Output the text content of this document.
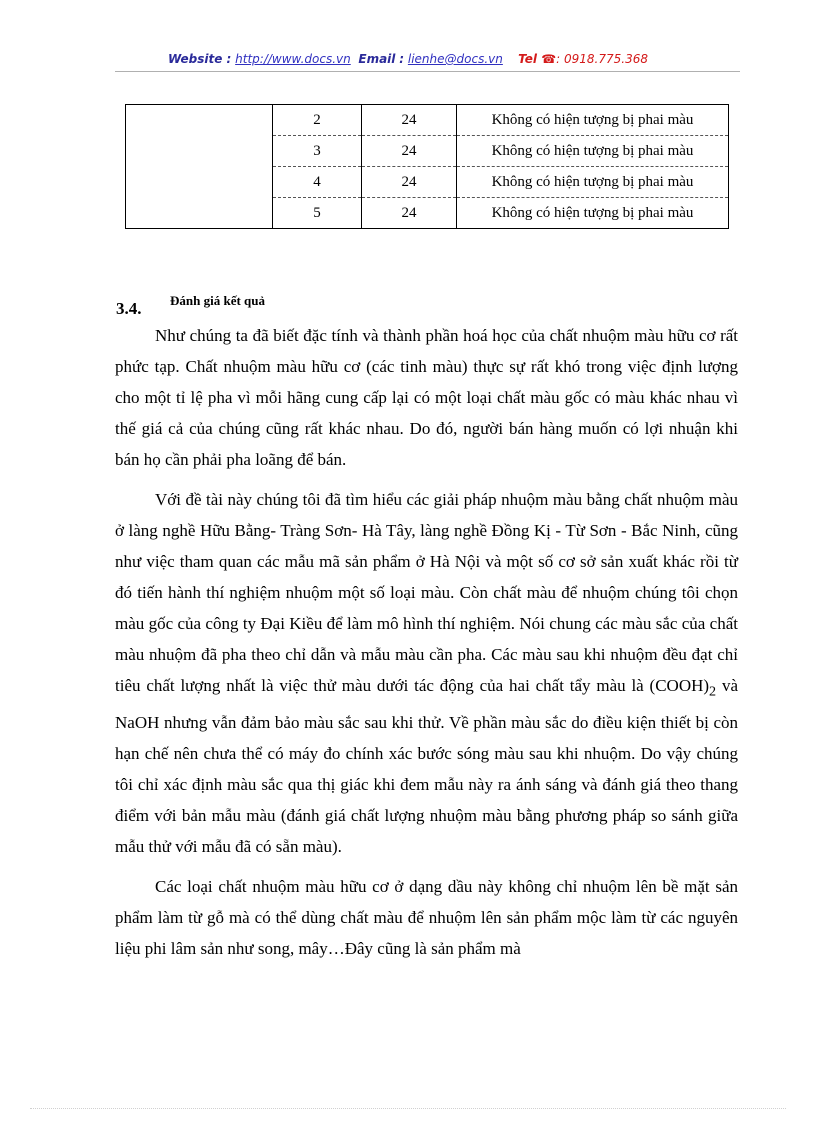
Website : http://www.docs.vn Email : lienhe@docs.vn Tel ☎: 0918.775.368
	2	24	Không có hiện tượng bị phai màu
	3	24	Không có hiện tượng bị phai màu
	4	24	Không có hiện tượng bị phai màu
	5	24	Không có hiện tượng bị phai màu
3.4. Đánh giá kết quả

Như chúng ta đã biết đặc tính và thành phần hoá học của chất nhuộm màu hữu cơ rất phức tạp. Chất nhuộm màu hữu cơ (các tinh màu) thực sự rất khó trong việc định lượng cho một tỉ lệ pha vì mỗi hãng cung cấp lại có một loại chất màu gốc có màu khác nhau vì thế giá cả của chúng cũng rất khác nhau. Do đó, người bán hàng muốn có lợi nhuận khi bán họ cần phải pha loãng để bán.

Với đề tài này chúng tôi đã tìm hiểu các giải pháp nhuộm màu bằng chất nhuộm màu ở làng nghề Hữu Bằng- Tràng Sơn- Hà Tây, làng nghề Đồng Kị - Từ Sơn - Bắc Ninh, cũng như việc tham quan các mẫu mã sản phẩm ở Hà Nội và một số cơ sở sản xuất khác rồi từ đó tiến hành thí nghiệm nhuộm một số loại màu. Còn chất màu để nhuộm chúng tôi chọn màu gốc của công ty Đại Kiều để làm mô hình thí nghiệm. Nói chung các màu sắc của chất màu nhuộm đã pha theo chỉ dẫn và mẫu màu cần pha. Các màu sau khi nhuộm đều đạt chỉ tiêu chất lượng nhất là việc thử màu dưới tác động của hai chất tẩy màu là $(COOH)_2$ và NaOH nhưng vẫn đảm bảo màu sắc sau khi thử. Về phần màu sắc do điều kiện thiết bị còn hạn chế nên chưa thể có máy đo chính xác bước sóng màu sau khi nhuộm. Do vậy chúng tôi chỉ xác định màu sắc qua thị giác khi đem mẫu này ra ánh sáng và đánh giá theo thang điểm với bản mẫu màu (đánh giá chất lượng nhuộm màu bằng phương pháp so sánh giữa mẫu thử với mẫu đã có sẵn màu).

Các loại chất nhuộm màu hữu cơ ở dạng dầu này không chỉ nhuộm lên bề mặt sản phẩm làm từ gỗ mà có thể dùng chất màu để nhuộm lên sản phẩm mộc làm từ các nguyên liệu phi lâm sản như song, mây…Đây cũng là sản phẩm mà
